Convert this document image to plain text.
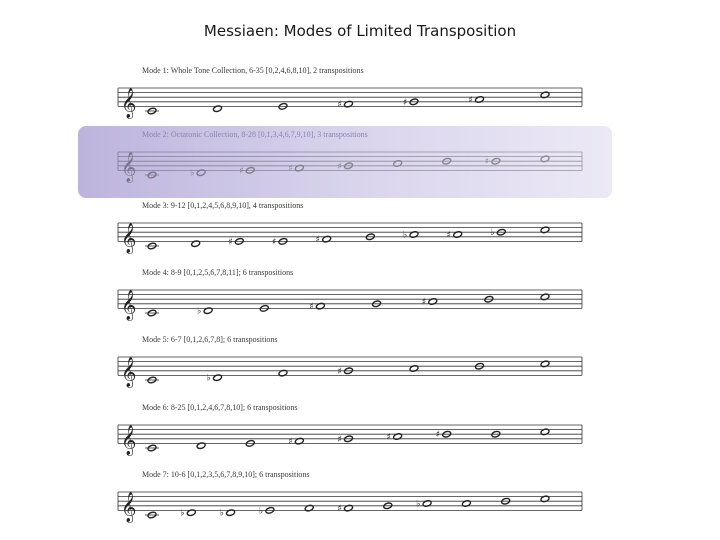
Messiaen: Modes of Limited Transposition
Mode 1: Whole Tone Collection, 6-35 [0,2,4,6,8,10], 2 transpositions
𝄞	♯	♯	♯
Mode 2: Octatonic Collection, 8-28 [0,1,3,4,6,7,9,10], 3 transpositions
𝄞	♭	♯	♯	♯	♯
Mode 3: 9-12 [0,1,2,4,5,6,8,9,10], 4 transpositions
𝄞	♯	♯	♯	♭	♯	♭
Mode 4: 8-9 [0,1,2,5,6,7,8,11]; 6 transpositions
𝄞	♭	♯	♯
Mode 5: 6-7 [0,1,2,6,7,8]; 6 transpositions
𝄞	♭
♯
Mode 6: 8-25 [0,1,2,4,6,7,8,10]; 6 transpositions
𝄞	♯	♯	♯	♯
Mode 7: 10-6 [0,1,2,3,5,6,7,8,9,10]; 6 transpositions
𝄞	♭	♭	♭	♯	♭
